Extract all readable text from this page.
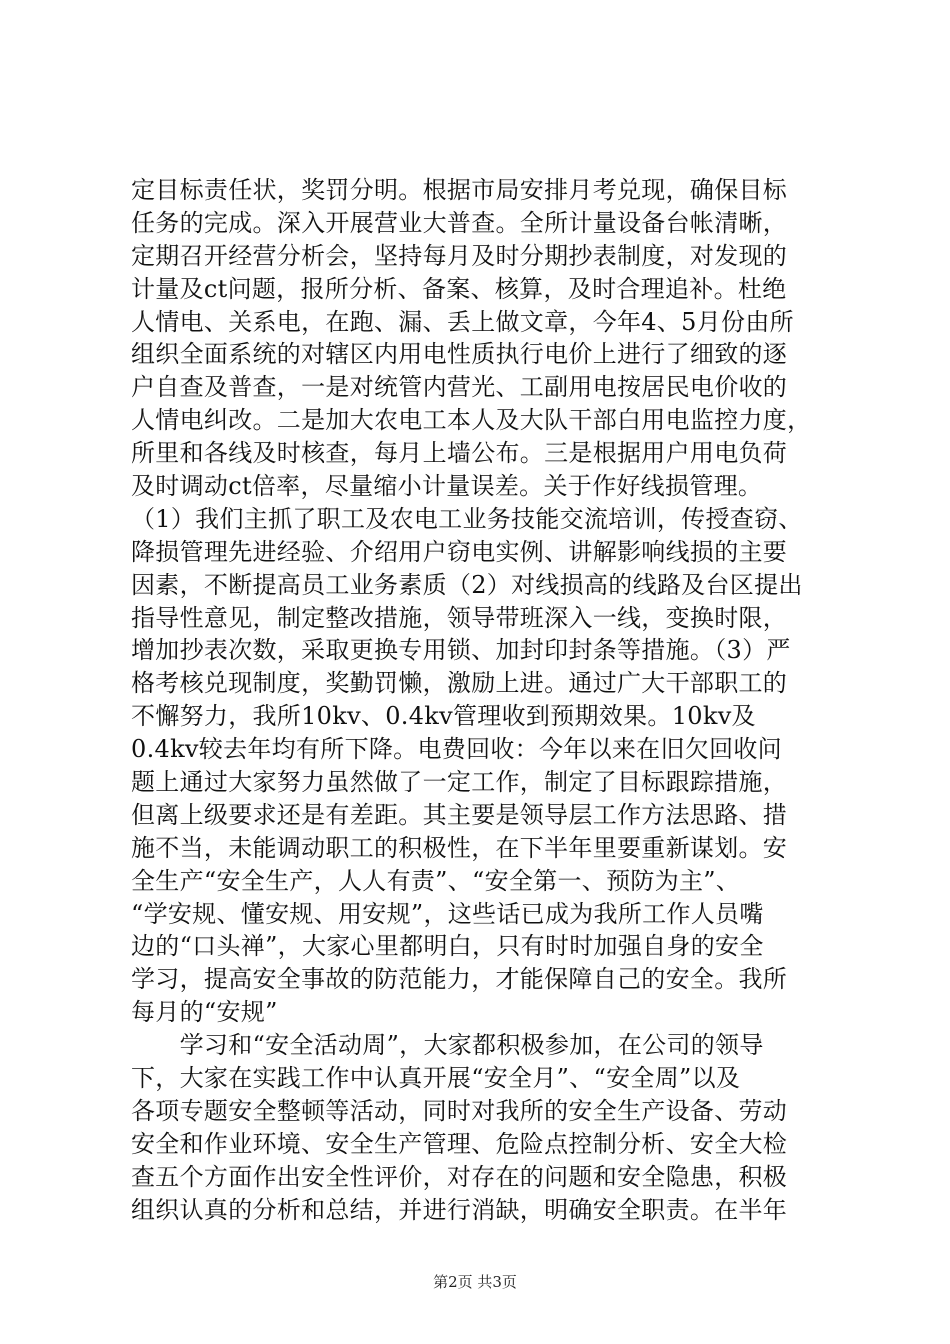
定目标责任状，奖罚分明。根据市局安排月考兑现，确保目标
任务的完成。深入开展营业大普查。全所计量设备台帐清晰，
定期召开经营分析会，坚持每月及时分期抄表制度，对发现的
计量及ct问题，报所分析、备案、核算，及时合理追补。杜绝
人情电、关系电，在跑、漏、丢上做文章，今年4、5月份由所
组织全面系统的对辖区内用电性质执行电价上进行了细致的逐
户自查及普查，一是对统管内营光、工副用电按居民电价收的
人情电纠改。二是加大农电工本人及大队干部白用电监控力度，
所里和各线及时核查，每月上墙公布。三是根据用户用电负荷
及时调动ct倍率，尽量缩小计量误差。关于作好线损管理。
（1）我们主抓了职工及农电工业务技能交流培训，传授查窃、
降损管理先进经验、介绍用户窃电实例、讲解影响线损的主要
因素，不断提高员工业务素质（2）对线损高的线路及台区提出
指导性意见，制定整改措施，领导带班深入一线，变换时限，
增加抄表次数，采取更换专用锁、加封印封条等措施。（3）严
格考核兑现制度，奖勤罚懒，激励上进。通过广大干部职工的
不懈努力，我所10kv、0.4kv管理收到预期效果。10kv及
0.4kv较去年均有所下降。电费回收：今年以来在旧欠回收问
题上通过大家努力虽然做了一定工作，制定了目标跟踪措施，
但离上级要求还是有差距。其主要是领导层工作方法思路、措
施不当，未能调动职工的积极性，在下半年里要重新谋划。安
全生产“安全生产，人人有责”、“安全第一、预防为主”、
“学安规、懂安规、用安规”，这些话已成为我所工作人员嘴
边的“口头禅”，大家心里都明白，只有时时加强自身的安全
学习，提高安全事故的防范能力，才能保障自己的安全。我所
每月的“安规”
　　学习和“安全活动周”，大家都积极参加，在公司的领导
下，大家在实践工作中认真开展“安全月”、“安全周”以及
各项专题安全整顿等活动，同时对我所的安全生产设备、劳动
安全和作业环境、安全生产管理、危险点控制分析、安全大检
查五个方面作出安全性评价，对存在的问题和安全隐患，积极
组织认真的分析和总结，并进行消缺，明确安全职责。在半年
第2页 共3页
